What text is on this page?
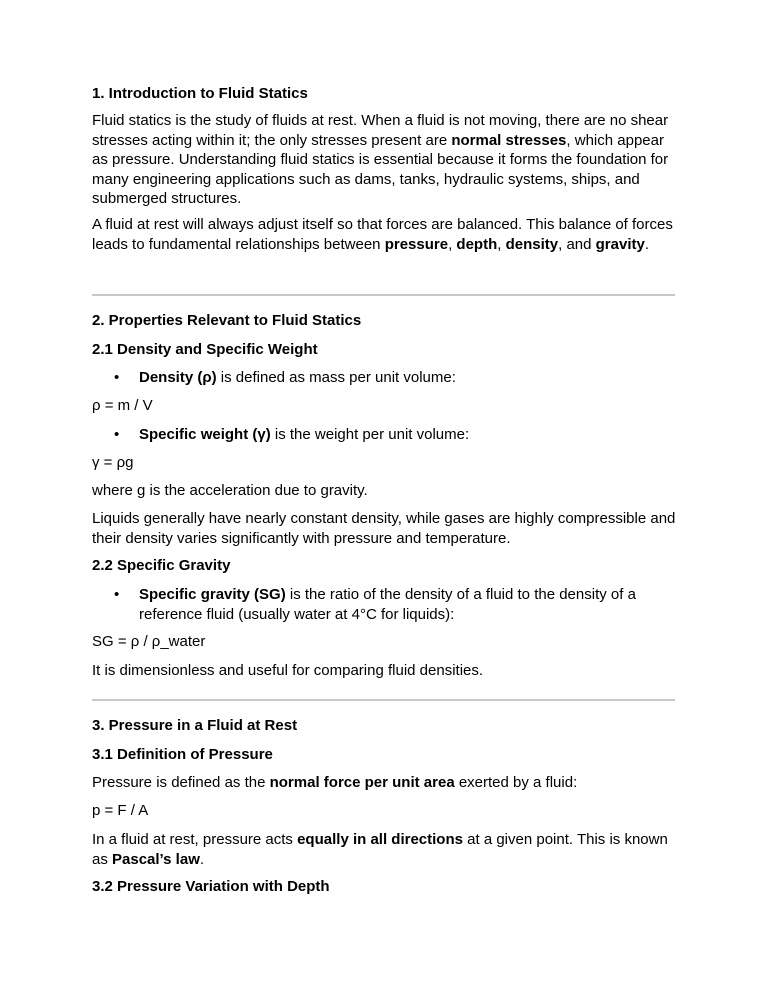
1. Introduction to Fluid Statics

Fluid statics is the study of fluids at rest. When a fluid is not moving, there are no shear stresses acting within it; the only stresses present are normal stresses, which appear as pressure. Understanding fluid statics is essential because it forms the foundation for many engineering applications such as dams, tanks, hydraulic systems, ships, and submerged structures.

A fluid at rest will always adjust itself so that forces are balanced. This balance of forces leads to fundamental relationships between pressure, depth, density, and gravity.

2. Properties Relevant to Fluid Statics
2.1 Density and Specific Weight
• Density (ρ) is defined as mass per unit volume:
ρ = m / V
• Specific weight (γ) is the weight per unit volume:
γ = ρg
where g is the acceleration due to gravity.
Liquids generally have nearly constant density, while gases are highly compressible and their density varies significantly with pressure and temperature.
2.2 Specific Gravity
• Specific gravity (SG) is the ratio of the density of a fluid to the density of a reference fluid (usually water at 4°C for liquids):
SG = ρ / ρ_water
It is dimensionless and useful for comparing fluid densities.
3. Pressure in a Fluid at Rest
3.1 Definition of Pressure

Pressure is defined as the normal force per unit area exerted by a fluid:

p = F / A

In a fluid at rest, pressure acts equally in all directions at a given point. This is known as Pascal’s law.

3.2 Pressure Variation with Depth
